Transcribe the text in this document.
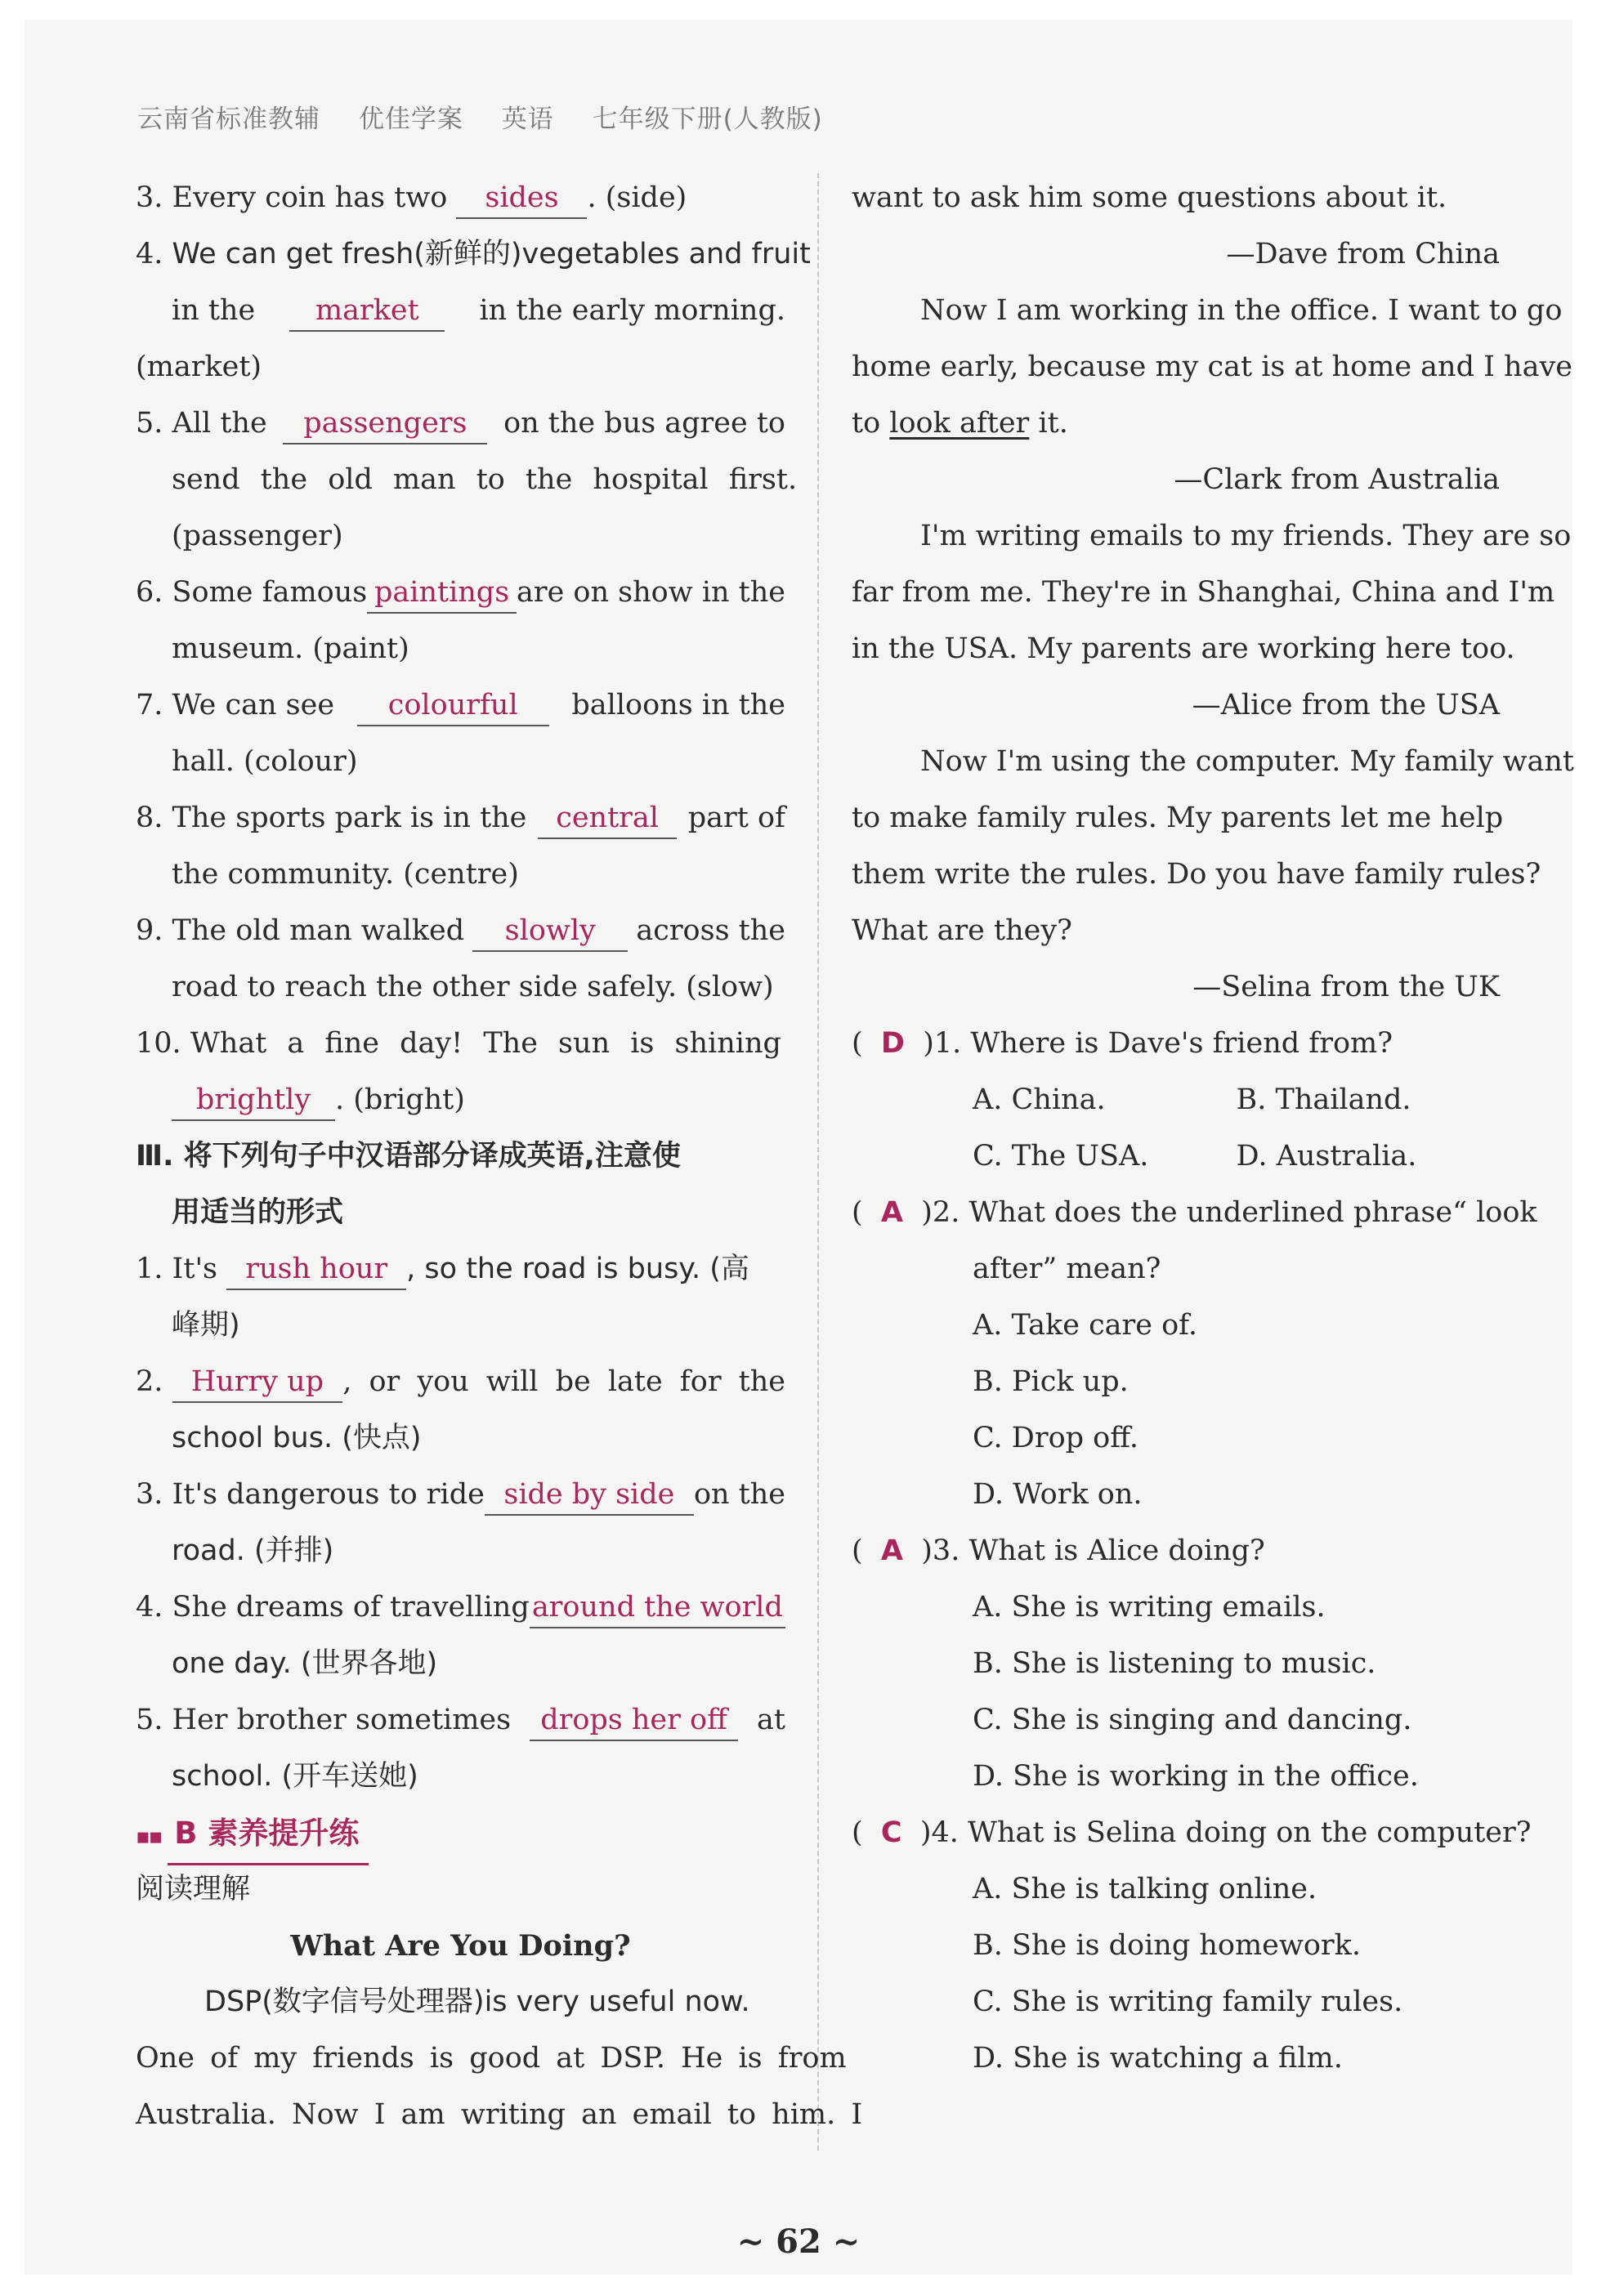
云南省标准教辅 优佳学案 英语 七年级下册(人教版)
3.
Every coin has two
	sides . (side)
4.
We can get fresh(新鲜的)vegetables and fruit
in the	market	in the early morning.
(market)
5. All the	passengers	on the bus agree to
send the old man to the hospital first.
(passenger)
6. Some famous paintings are on show in the
museum. (paint)
7. We can see	colourful	balloons in the
hall. (colour)
8. The sports park is in the	central	part of
the community. (centre)
9. The old man walked	slowly	across the
road to reach the other side safely. (slow)
10.
What a fine day! The sun is shining
brightly . (bright)
Ⅲ. 将下列句子中汉语部分译成英语,注意使
用适当的形式
1.
It's
rush hour , so the road is busy. (高
峰期)
2.
Hurry up , or you will be late for the
school bus. (快点)
3. It's dangerous to ride side by side on the
road. (并排)
4. She dreams of travelling around the world
one day. (世界各地)
5. Her brother sometimes	drops her off	at
school. (开车送她)
▪▪ B 素养提升练
阅读理解
What Are You Doing?
DSP(数字信号处理器)is very useful now.
One of my friends is good at DSP. He is from
Australia. Now I am writing an email to him. I
want to ask him some questions about it.
—Dave from China
Now I am working in the office. I want to go
home early, because my cat is at home and I have
to
look after
it.
—Clark from Australia
I'm writing emails to my friends. They are so
far from me. They're in Shanghai, China and I'm
in the USA. My parents are working here too.
—Alice from the USA
Now I'm using the computer. My family want
to make family rules. My parents let me help
them write the rules. Do you have family rules?
What are they?
—Selina from the UK
( D
)1. Where is Dave's friend from?
A. China.	B. Thailand.
C. The USA.	D. Australia.
( A
)2. What does the underlined phrase“ look
after” mean?
A. Take care of.
B. Pick up.
C. Drop off.
D. Work on.
( A
)3. What is Alice doing?
A. She is writing emails.
B. She is listening to music.
C. She is singing and dancing.
D. She is working in the office.
( C
)4. What is Selina doing on the computer?
A. She is talking online.
B. She is doing homework.
C. She is writing family rules.
D. She is watching a film.
~ 62 ~
